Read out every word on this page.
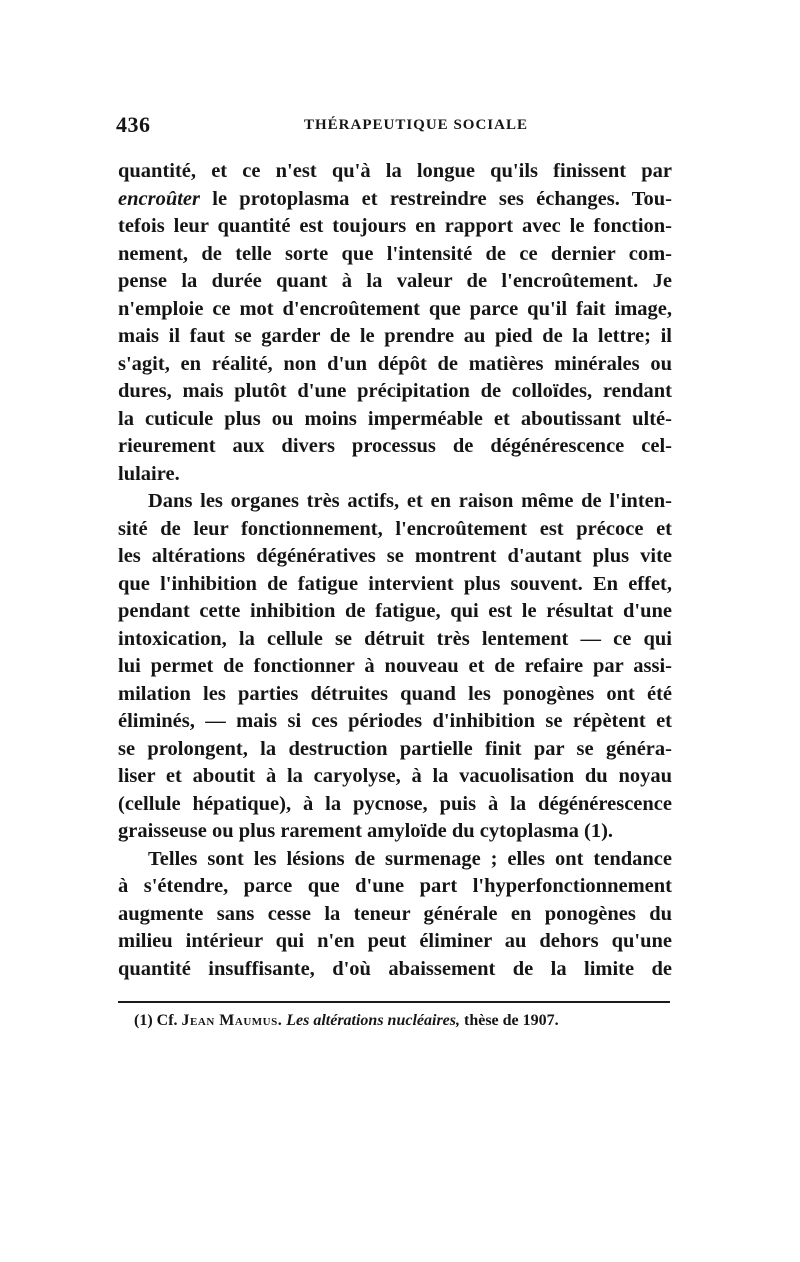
436	THÉRAPEUTIQUE SOCIALE
quantité, et ce n'est qu'à la longue qu'ils finissent par
encroûter le protoplasma et restreindre ses échanges. Tou-
tefois leur quantité est toujours en rapport avec le fonction-
nement, de telle sorte que l'intensité de ce dernier com-
pense la durée quant à la valeur de l'encroûtement. Je
n'emploie ce mot d'encroûtement que parce qu'il fait image,
mais il faut se garder de le prendre au pied de la lettre; il
s'agit, en réalité, non d'un dépôt de matières minérales ou
dures, mais plutôt d'une précipitation de colloïdes, rendant
la cuticule plus ou moins imperméable et aboutissant ulté-
rieurement aux divers processus de dégénérescence cel-
lulaire.
Dans les organes très actifs, et en raison même de l'inten-
sité de leur fonctionnement, l'encroûtement est précoce et
les altérations dégénératives se montrent d'autant plus vite
que l'inhibition de fatigue intervient plus souvent. En effet,
pendant cette inhibition de fatigue, qui est le résultat d'une
intoxication, la cellule se détruit très lentement — ce qui
lui permet de fonctionner à nouveau et de refaire par assi-
milation les parties détruites quand les ponogènes ont été
éliminés, — mais si ces périodes d'inhibition se répètent et
se prolongent, la destruction partielle finit par se généra-
liser et aboutit à la caryolyse, à la vacuolisation du noyau
(cellule hépatique), à la pycnose, puis à la dégénérescence
graisseuse ou plus rarement amyloïde du cytoplasma (1).
Telles sont les lésions de surmenage ; elles ont tendance
à s'étendre, parce que d'une part l'hyperfonctionnement
augmente sans cesse la teneur générale en ponogènes du
milieu intérieur qui n'en peut éliminer au dehors qu'une
quantité insuffisante, d'où abaissement de la limite de
(1) Cf. Jean Maumus. Les altérations nucléaires, thèse de 1907.
